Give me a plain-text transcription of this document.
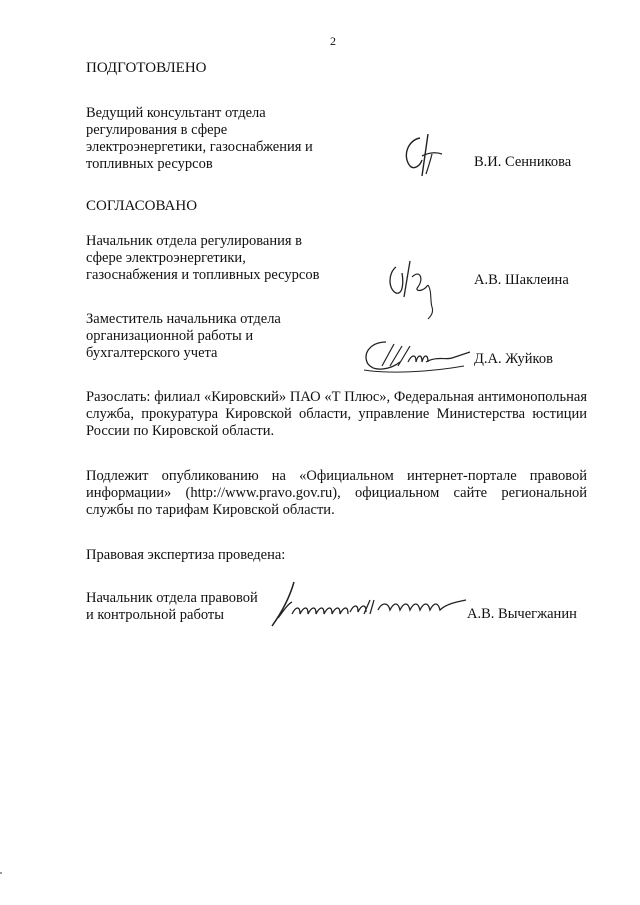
2
ПОДГОТОВЛЕНО
Ведущий консультант отдела
регулирования в сфере
электроэнергетики, газоснабжения и
топливных ресурсов	В.И. Сенникова
СОГЛАСОВАНО
Начальник отдела регулирования в
сфере электроэнергетики,
газоснабжения и топливных ресурсов	А.В. Шаклеина
Заместитель начальника отдела
организационной работы и
бухгалтерского учета	Д.А. Жуйков
Разослать: филиал «Кировский» ПАО «Т Плюс», Федеральная антимонопольная служба, прокуратура Кировской области, управление Министерства юстиции России по Кировской области.
Подлежит опубликованию на «Официальном интернет-портале правовой информации» (http://www.pravo.gov.ru), официальном сайте региональной службы по тарифам Кировской области.
Правовая экспертиза проведена:
Начальник отдела правовой
и контрольной работы	А.В. Вычегжанин
